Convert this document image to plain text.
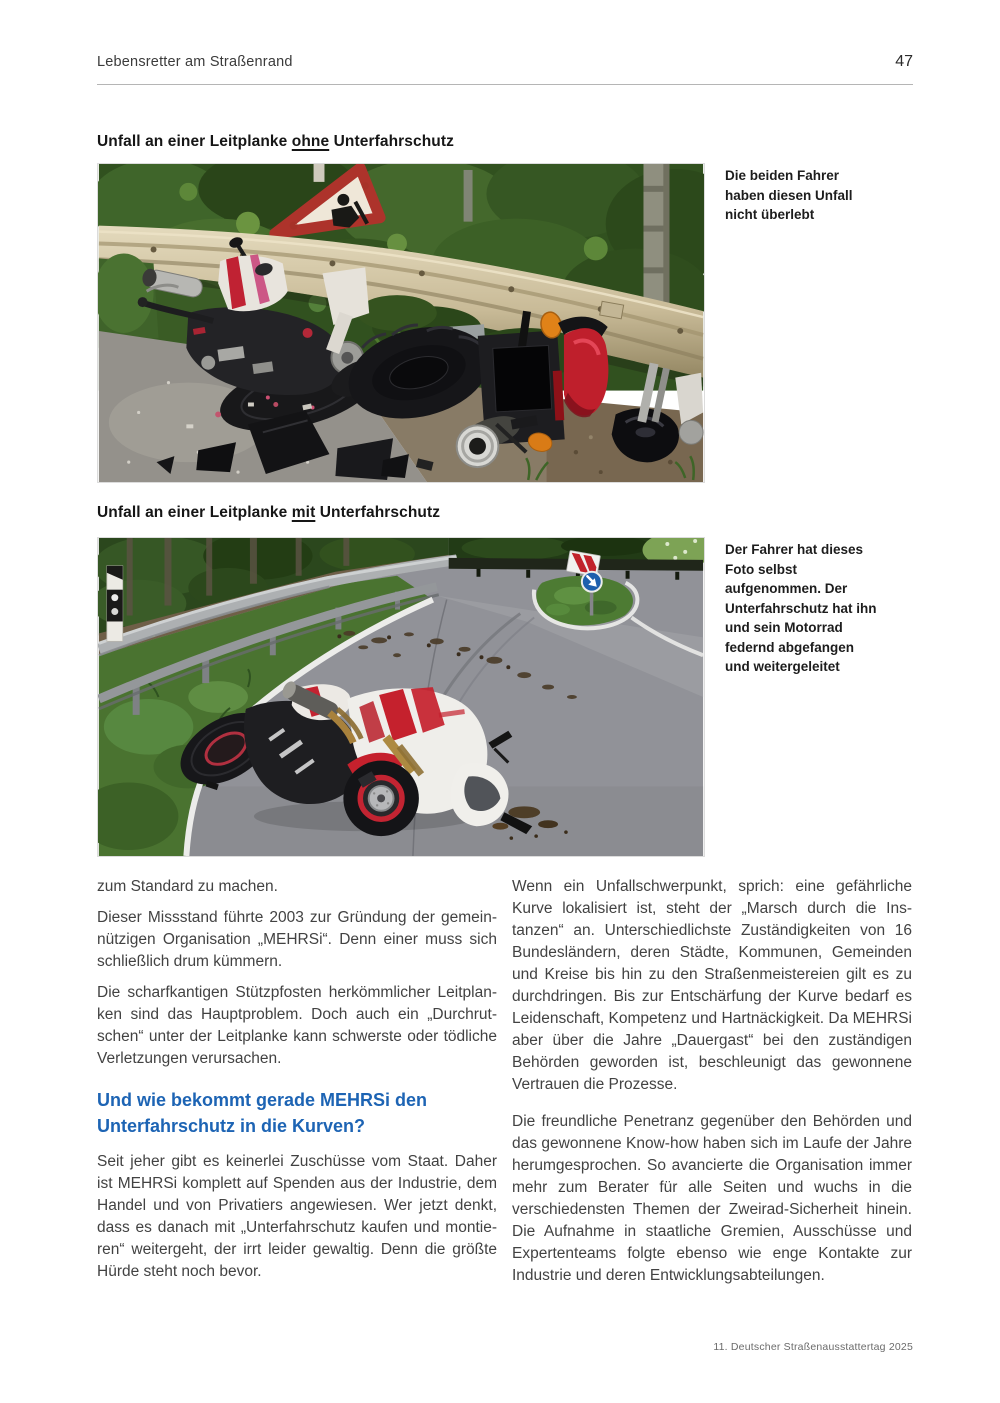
Lebensretter am Straßenrand	47
Unfall an einer Leitplanke ohne Unterfahrschutz
Die beiden Fahrer haben diesen Unfall nicht überlebt
Unfall an einer Leitplanke mit Unterfahrschutz
Der Fahrer hat dieses Foto selbst aufgenommen. Der Unterfahrschutz hat ihn und sein Motorrad federnd abgefangen und weitergeleitet

zum Standard zu machen.

Dieser Missstand führte 2003 zur Gründung der gemeinnützigen Organisation „MEHRSi“. Denn einer muss sich schließlich drum kümmern.

Die scharfkantigen Stützpfosten herkömmlicher Leitplanken sind das Hauptproblem. Doch auch ein „Durchrutschen“ unter der Leitplanke kann schwerste oder tödliche Verletzungen verursachen.

Und wie bekommt gerade MEHRSi den Unterfahrschutz in die Kurven?

Seit jeher gibt es keinerlei Zuschüsse vom Staat. Daher ist MEHRSi komplett auf Spenden aus der Industrie, dem Handel und von Privatiers angewiesen. Wer jetzt denkt, dass es danach mit „Unterfahrschutz kaufen und montieren“ weitergeht, der irrt leider gewaltig. Denn die größte Hürde steht noch bevor.

Wenn ein Unfallschwerpunkt, sprich: eine gefährliche Kurve lokalisiert ist, steht der „Marsch durch die Instanzen“ an. Unterschiedlichste Zuständigkeiten von 16 Bundesländern, deren Städte, Kommunen, Gemeinden und Kreise bis hin zu den Straßenmeistereien gilt es zu durchdringen. Bis zur Entschärfung der Kurve bedarf es Leidenschaft, Kompetenz und Hartnäckigkeit. Da MEHRSi aber über die Jahre „Dauergast“ bei den zuständigen Behörden geworden ist, beschleunigt das gewonnene Vertrauen die Prozesse.

Die freundliche Penetranz gegenüber den Behörden und das gewonnene Know-how haben sich im Laufe der Jahre herumgesprochen. So avancierte die Organisation immer mehr zum Berater für alle Seiten und wuchs in die verschiedensten Themen der Zweirad-Sicherheit hinein. Die Aufnahme in staatliche Gremien, Ausschüsse und Expertenteams folgte ebenso wie enge Kontakte zur Industrie und deren Entwicklungsabteilungen.

11. Deutscher Straßenausstattertag 2025
